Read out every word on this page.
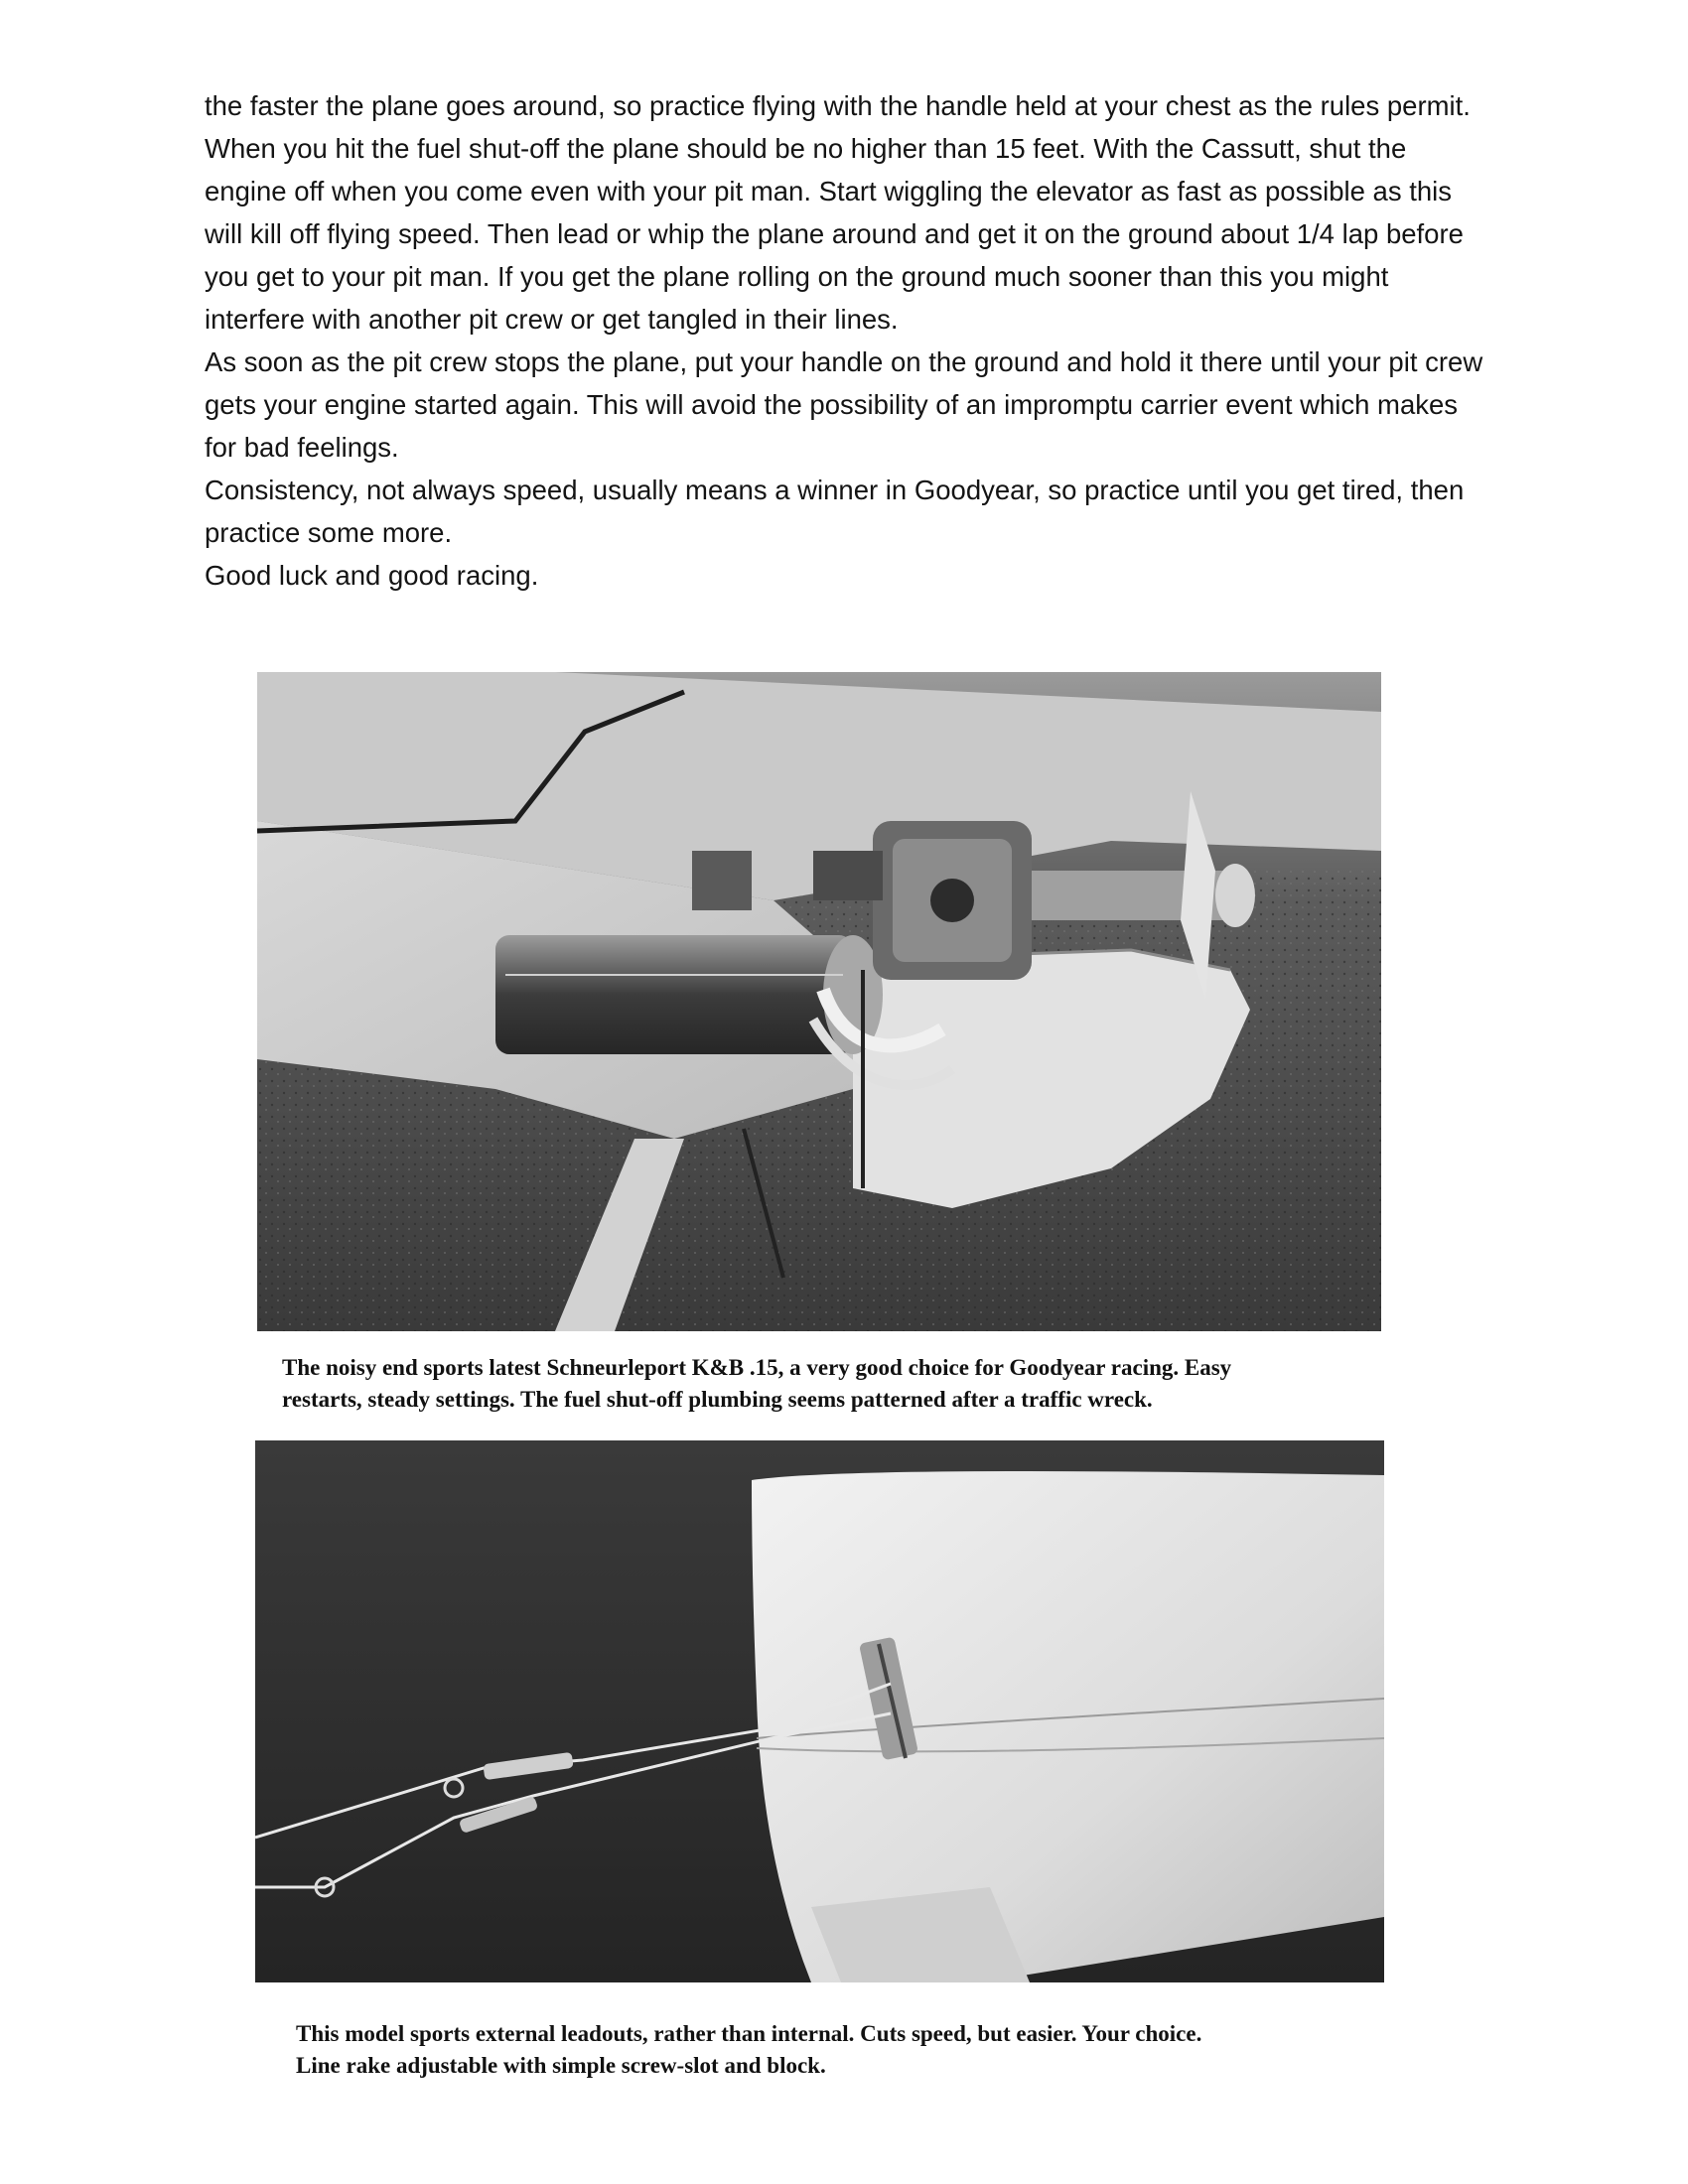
the faster the plane goes around, so practice flying with the handle held at your chest as the rules permit.

When you hit the fuel shut-off the plane should be no higher than 15 feet. With the Cassutt, shut the engine off when you come even with your pit man. Start wiggling the elevator as fast as possible as this will kill off flying speed. Then lead or whip the plane around and get it on the ground about 1/4 lap before you get to your pit man. If you get the plane rolling on the ground much sooner than this you might interfere with another pit crew or get tangled in their lines.

As soon as the pit crew stops the plane, put your handle on the ground and hold it there until your pit crew gets your engine started again. This will avoid the possibility of an impromptu carrier event which makes for bad feelings.

Consistency, not always speed, usually means a winner in Goodyear, so practice until you get tired, then practice some more.

Good luck and good racing.

The noisy end sports latest Schneurleport K&B .15, a very good choice for Goodyear racing. Easy
restarts, steady settings. The fuel shut-off plumbing seems patterned after a traffic wreck.
This model sports external leadouts, rather than internal. Cuts speed, but easier. Your choice.
Line rake adjustable with simple screw-slot and block.
